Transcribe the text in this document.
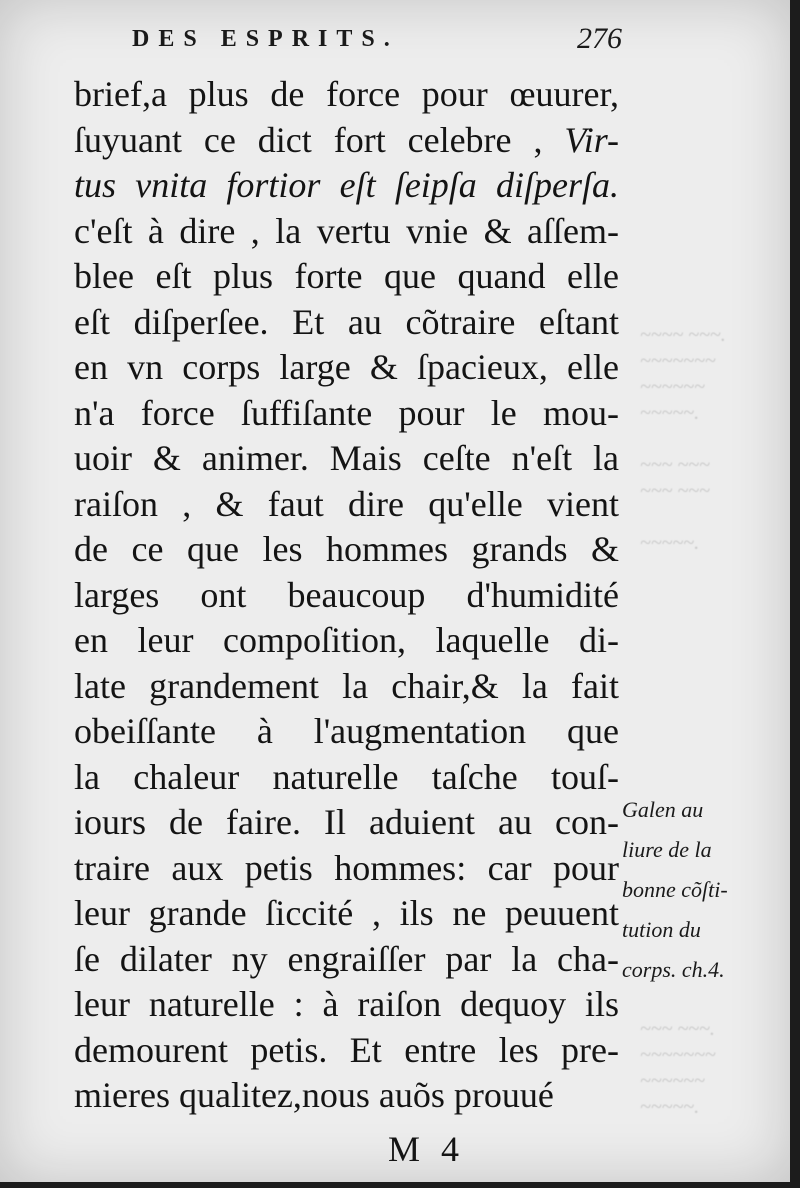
~~~~ ~~~.
~~~~~~~
~~~~~~
~~~~~.

~~~ ~~~
~~~ ~~~

~~~~~.

~~~ ~~~.
~~~~~~~
~~~~~~
~~~~~.

DES ESPRITS.	276
brief,a plus de force pour œuurer,
ſuyuant ce dict fort celebre , Vir-
tus vnita fortior eſt ſeipſa diſperſa.
c'eſt à dire , la vertu vnie & aſſem-
blee eſt plus forte que quand elle
eſt diſperſee. Et au cõtraire eſtant
en vn corps large & ſpacieux, elle
n'a force ſuffiſante pour le mou-
uoir & animer. Mais ceſte n'eſt la
raiſon , & faut dire qu'elle vient
de ce que les hommes grands &
larges ont beaucoup d'humidité
en leur compoſition, laquelle di-
late grandement la chair,& la fait
obeiſſante à l'augmentation que
la chaleur naturelle taſche touſ-
iours de faire. Il aduient au con-
traire aux petis hommes: car pour
leur grande ſiccité , ils ne peuuent
ſe dilater ny engraiſſer par la cha-
leur naturelle : à raiſon dequoy ils
demourent petis. Et entre les pre-
mieres qualitez,nous auõs prouué
Galen au
liure de la
bonne cõſti-
tution du
corps. ch.4.
M 4
